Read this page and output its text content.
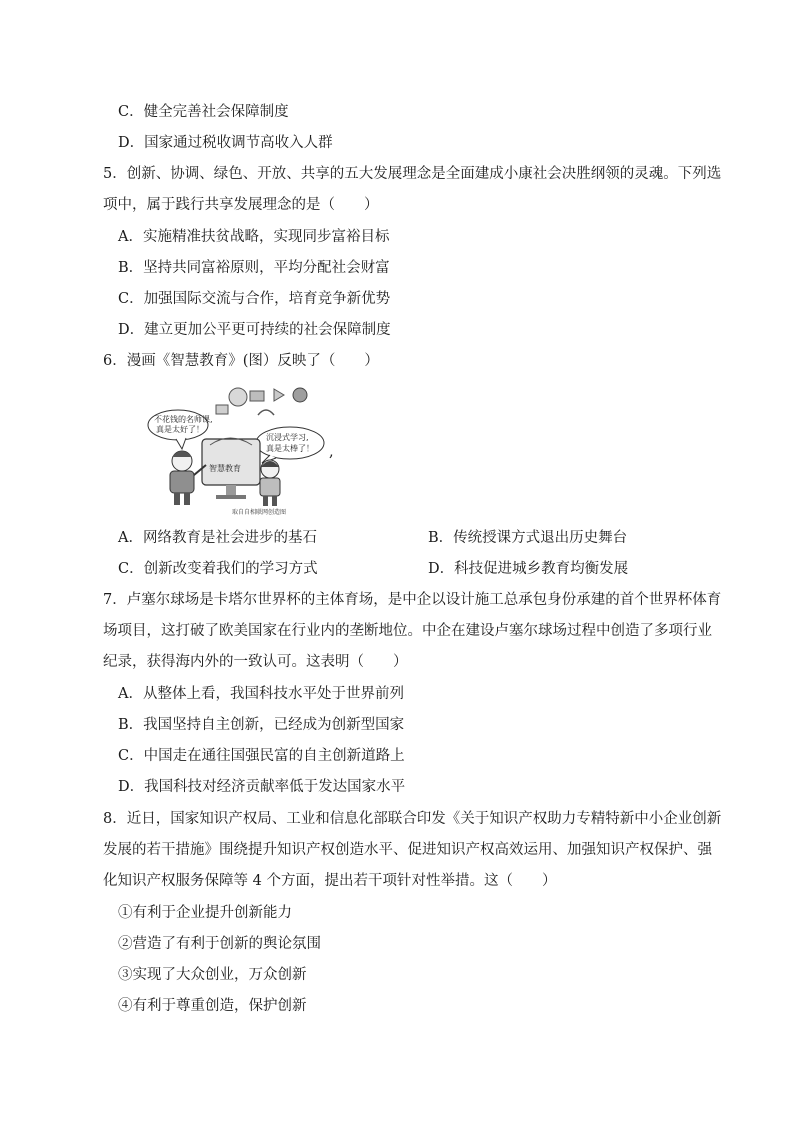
C．健全完善社会保障制度
D．国家通过税收调节高收入人群
5．创新、协调、绿色、开放、共享的五大发展理念是全面建成小康社会决胜纲领的灵魂。下列选
项中，属于践行共享发展理念的是（　　）
A．实施精准扶贫战略，实现同步富裕目标
B．坚持共同富裕原则，平均分配社会财富
C．加强国际交流与合作，培育竞争新优势
D．建立更加公平更可持续的社会保障制度
6．漫画《智慧教育》(图）反映了（　　）
不花钱的名师课,
真是太好了！
沉浸式学习,
真是太棒了！
智慧教育
取自自相联网创造图
,
A．网络教育是社会进步的基石	B．传统授课方式退出历史舞台
C．创新改变着我们的学习方式	D．科技促进城乡教育均衡发展
7．卢塞尔球场是卡塔尔世界杯的主体育场，是中企以设计施工总承包身份承建的首个世界杯体育
场项目，这打破了欧美国家在行业内的垄断地位。中企在建设卢塞尔球场过程中创造了多项行业
纪录，获得海内外的一致认可。这表明（　　）
A．从整体上看，我国科技水平处于世界前列
B．我国坚持自主创新，已经成为创新型国家
C．中国走在通往国强民富的自主创新道路上
D．我国科技对经济贡献率低于发达国家水平
8．近日，国家知识产权局、工业和信息化部联合印发《关于知识产权助力专精特新中小企业创新
发展的若干措施》围绕提升知识产权创造水平、促进知识产权高效运用、加强知识产权保护、强
化知识产权服务保障等 4 个方面，提出若干项针对性举措。这（　　）
①有利于企业提升创新能力
②营造了有利于创新的舆论氛围
③实现了大众创业，万众创新
④有利于尊重创造，保护创新
